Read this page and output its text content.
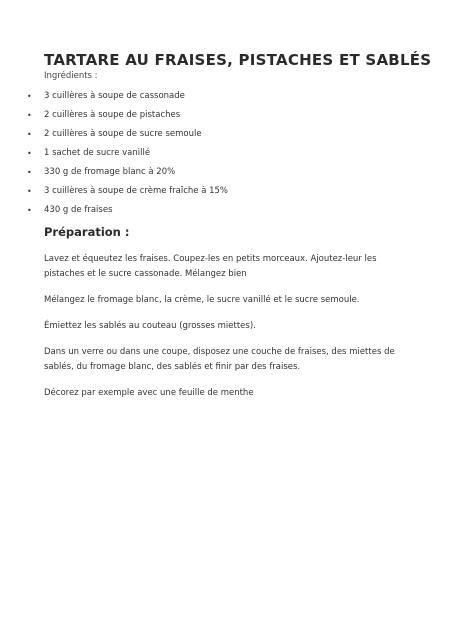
TARTARE AU FRAISES, PISTACHES ET SABLÉS

Ingrédients :

• 3 cuillères à soupe de cassonade
• 2 cuillères à soupe de pistaches
• 2 cuillères à soupe de sucre semoule
• 1 sachet de sucre vanillé
• 330 g de fromage blanc à 20%
• 3 cuillères à soupe de crème fraîche à 15%
• 430 g de fraises
Préparation :

Lavez et équeutez les fraises. Coupez-les en petits morceaux. Ajoutez-leur les pistaches et le sucre cassonade. Mélangez bien

Mélangez le fromage blanc, la crème, le sucre vanillé et le sucre semoule.

Émiettez les sablés au couteau (grosses miettes).

Dans un verre ou dans une coupe, disposez une couche de fraises, des miettes de sablés, du fromage blanc, des sablés et finir par des fraises.

Décorez par exemple avec une feuille de menthe
